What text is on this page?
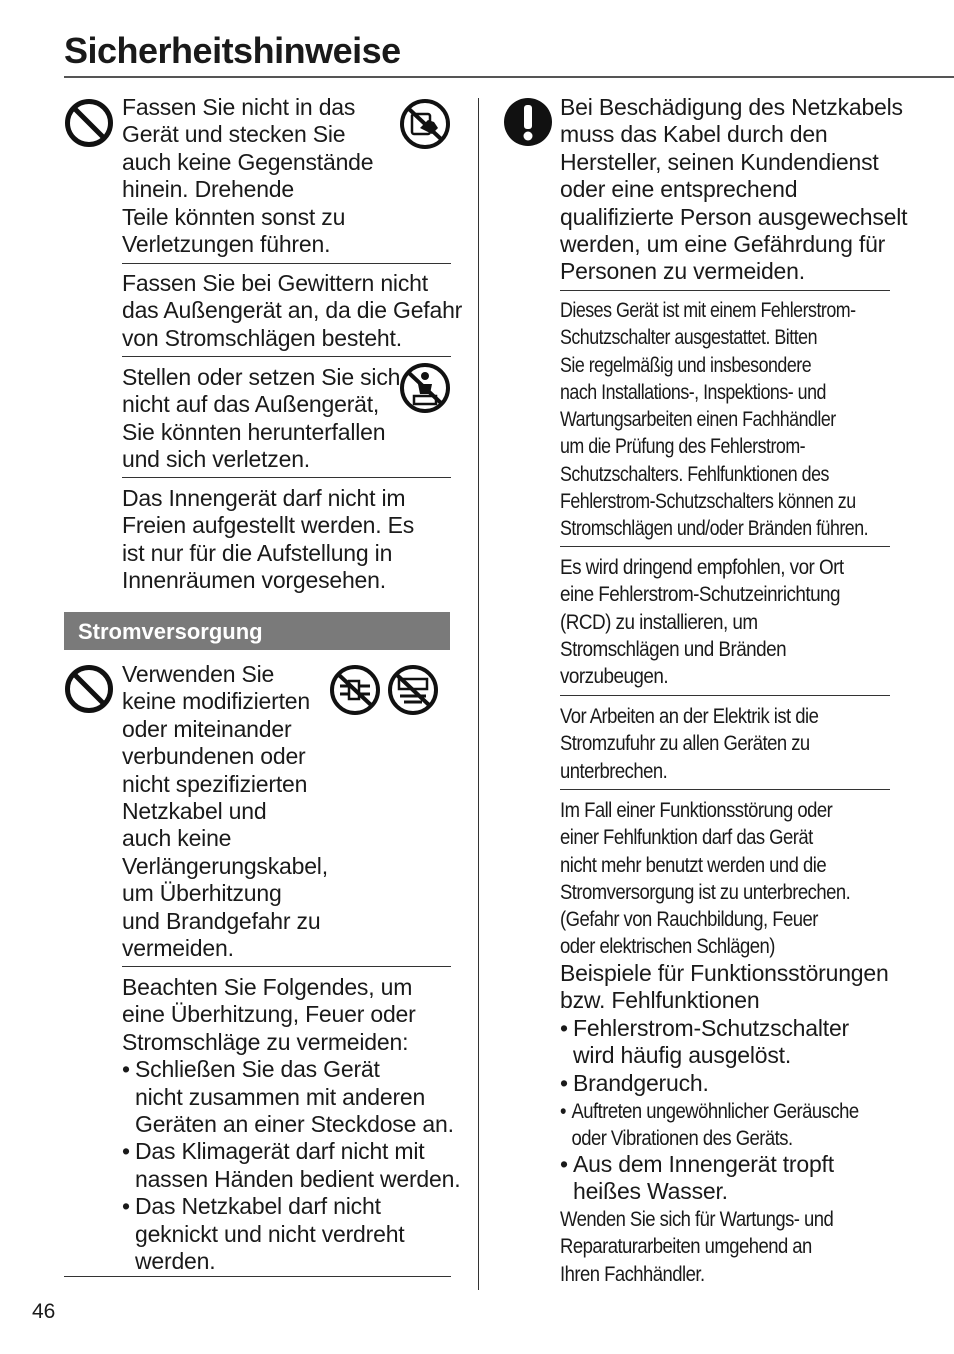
Sicherheitshinweise
Fassen Sie nicht in das
Gerät und stecken Sie
auch keine Gegenstände
hinein. Drehende
Teile könnten sonst zu
Verletzungen führen.
Fassen Sie bei Gewittern nicht
das Außengerät an, da die Gefahr
von Stromschlägen besteht.
Stellen oder setzen Sie sich
nicht auf das Außengerät,
Sie könnten herunterfallen
und sich verletzen.
Das Innengerät darf nicht im
Freien aufgestellt werden. Es
ist nur für die Aufstellung in
Innenräumen vorgesehen.
Stromversorgung
Verwenden Sie
keine modifizierten
oder miteinander
verbundenen oder
nicht spezifizierten
Netzkabel und
auch keine
Verlängerungskabel,
um Überhitzung
und Brandgefahr zu
vermeiden.
Beachten Sie Folgendes, um
eine Überhitzung, Feuer oder
Stromschläge zu vermeiden:
• Schließen Sie das Gerät
nicht zusammen mit anderen
Geräten an einer Steckdose an.
• Das Klimagerät darf nicht mit
nassen Händen bedient werden.
• Das Netzkabel darf nicht
geknickt und nicht verdreht
werden.
Bei Beschädigung des Netzkabels
muss das Kabel durch den
Hersteller, seinen Kundendienst
oder eine entsprechend
qualifizierte Person ausgewechselt
werden, um eine Gefährdung für
Personen zu vermeiden.
Dieses Gerät ist mit einem Fehlerstrom-
Schutzschalter ausgestattet. Bitten
Sie regelmäßig und insbesondere
nach Installations-, Inspektions- und
Wartungsarbeiten einen Fachhändler
um die Prüfung des Fehlerstrom-
Schutzschalters. Fehlfunktionen des
Fehlerstrom-Schutzschalters können zu
Stromschlägen und/oder Bränden führen.
Es wird dringend empfohlen, vor Ort
eine Fehlerstrom-Schutzeinrichtung
(RCD) zu installieren, um
Stromschlägen und Bränden
vorzubeugen.
Vor Arbeiten an der Elektrik ist die
Stromzufuhr zu allen Geräten zu
unterbrechen.
Im Fall einer Funktionsstörung oder
einer Fehlfunktion darf das Gerät
nicht mehr benutzt werden und die
Stromversorgung ist zu unterbrechen.
(Gefahr von Rauchbildung, Feuer
oder elektrischen Schlägen)
Beispiele für Funktionsstörungen
bzw. Fehlfunktionen
• Fehlerstrom-Schutzschalter
wird häufig ausgelöst.
• Brandgeruch.
• Auftreten ungewöhnlicher Geräusche
oder Vibrationen des Geräts.
• Aus dem Innengerät tropft
heißes Wasser.
Wenden Sie sich für Wartungs- und
Reparaturarbeiten umgehend an
Ihren Fachhändler.
46
